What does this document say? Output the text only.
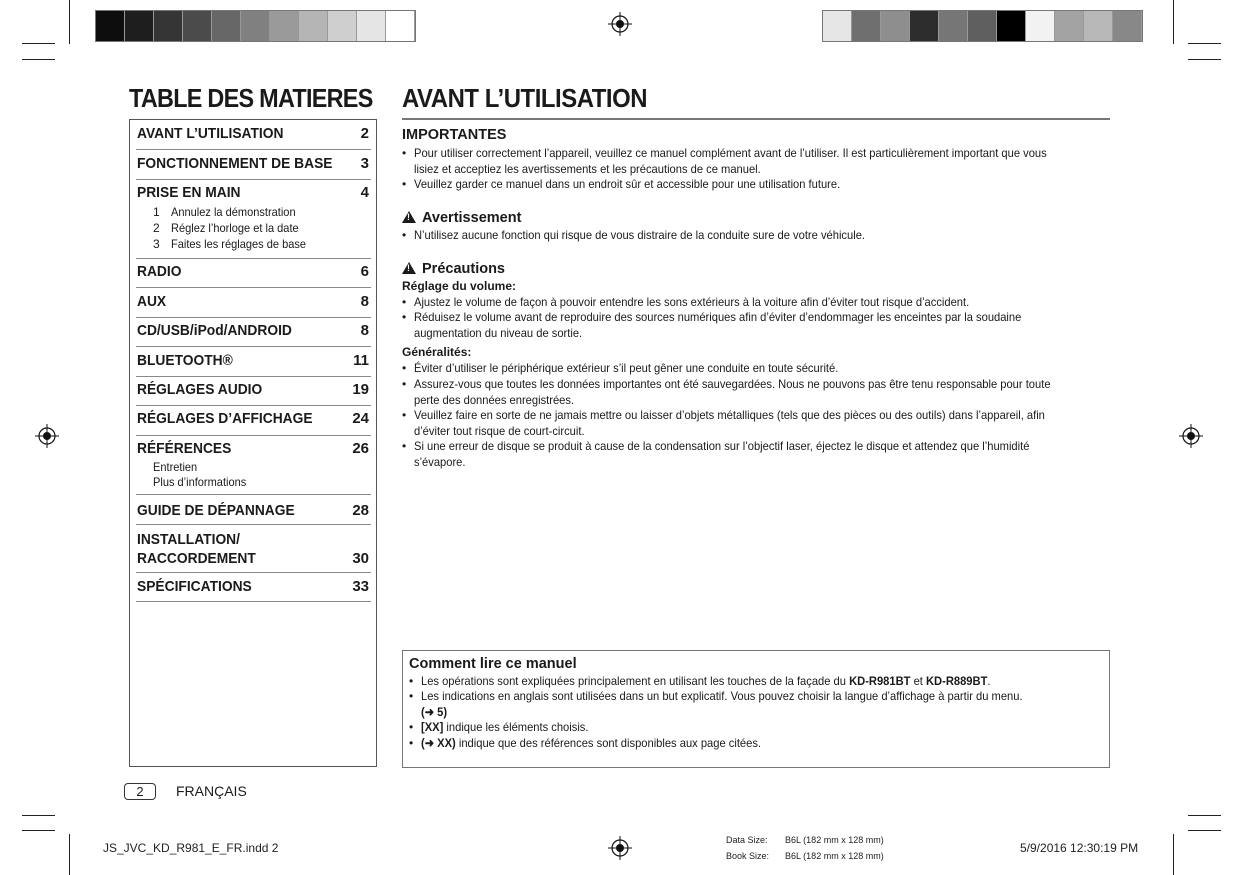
TABLE DES MATIERES AVANT L’UTILISATION
AVANT L’UTILISATION	2
FONCTIONNEMENT DE BASE 3
PRISE EN MAIN	4
1 Annulez la démonstration
2 Réglez l’horloge et la date
3 Faites les réglages de base
RADIO	6
AUX	8
CD/USB/iPod/ANDROID	8
BLUETOOTH®	11
RÉGLAGES AUDIO	19
RÉGLAGES D’AFFICHAGE	24
RÉFÉRENCES	26
Entretien
Plus d’informations
GUIDE DE DÉPANNAGE	28
INSTALLATION/
RACCORDEMENT	30
SPÉCIFICATIONS	33
IMPORTANTES
• Pour utiliser correctement l’appareil, veuillez ce manuel complément avant de l’utiliser. Il est particulièrement important que vous lisiez et acceptiez les avertissements et les précautions de ce manuel.
• Veuillez garder ce manuel dans un endroit sûr et accessible pour une utilisation future.
!Avertissement
• N’utilisez aucune fonction qui risque de vous distraire de la conduite sure de votre véhicule.
!Précautions
Réglage du volume:
• Ajustez le volume de façon à pouvoir entendre les sons extérieurs à la voiture afin d’éviter tout risque d’accident.
• Réduisez le volume avant de reproduire des sources numériques afin d’éviter d’endommager les enceintes par la soudaine augmentation du niveau de sortie.
Généralités:
• Éviter d’utiliser le périphérique extérieur s’il peut gêner une conduite en toute sécurité.
• Assurez-vous que toutes les données importantes ont été sauvegardées. Nous ne pouvons pas être tenu responsable pour toute perte des données enregistrées.
• Veuillez faire en sorte de ne jamais mettre ou laisser d’objets métalliques (tels que des pièces ou des outils) dans l’appareil, afin d’éviter tout risque de court-circuit.
• Si une erreur de disque se produit à cause de la condensation sur l’objectif laser, éjectez le disque et attendez que l’humidité s’évapore.
Comment lire ce manuel
• Les opérations sont expliquées principalement en utilisant les touches de la façade du KD-R981BT et KD-R889BT.
• Les indications en anglais sont utilisées dans un but explicatif. Vous pouvez choisir la langue d’affichage à partir du menu.
(➜ 5)
• [XX] indique les éléments choisis.
• (➜ XX) indique que des références sont disponibles aux page citées.
2	FRANÇAIS
JS_JVC_KD_R981_E_FR.indd 2
Data Size: B6L (182 mm x 128 mm)
Book Size: B6L (182 mm x 128 mm)
5/9/2016 12:30:19 PM
